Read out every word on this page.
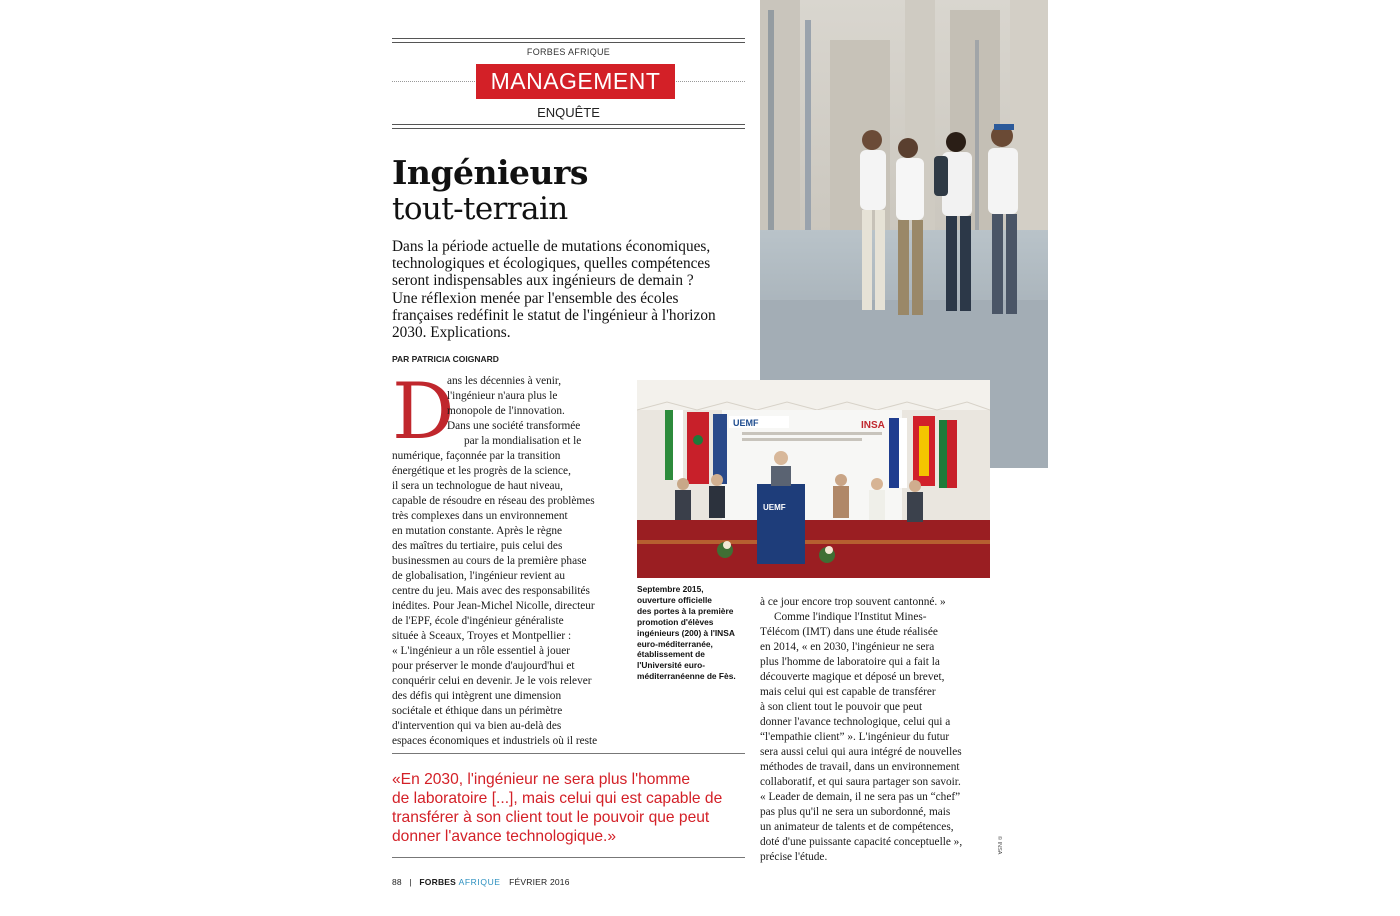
FORBES AFRIQUE
MANAGEMENT
ENQUÊTE
Ingénieurs
tout-terrain
Dans la période actuelle de mutations économiques,
technologiques et écologiques, quelles compétences
seront indispensables aux ingénieurs de demain ?
Une réflexion menée par l'ensemble des écoles
françaises redéfinit le statut de l'ingénieur à l'horizon
2030. Explications.
PAR PATRICIA COIGNARD
D
ans les décennies à venir,
l'ingénieur n'aura plus le
monopole de l'innovation.
Dans une société transformée
par la mondialisation et le
numérique, façonnée par la transition
énergétique et les progrès de la science,
il sera un technologue de haut niveau,
capable de résoudre en réseau des problèmes
très complexes dans un environnement
en mutation constante. Après le règne
des maîtres du tertiaire, puis celui des
businessmen au cours de la première phase
de globalisation, l'ingénieur revient au
centre du jeu. Mais avec des responsabilités
inédites. Pour Jean-Michel Nicolle, directeur
de l'EPF, école d'ingénieur généraliste
située à Sceaux, Troyes et Montpellier :
« L'ingénieur a un rôle essentiel à jouer
pour préserver le monde d'aujourd'hui et
conquérir celui en devenir. Je le vois relever
des défis qui intègrent une dimension
sociétale et éthique dans un périmètre
d'intervention qui va bien au-delà des
espaces économiques et industriels où il reste
à ce jour encore trop souvent cantonné. »
Comme l'indique l'Institut Mines-
Télécom (IMT) dans une étude réalisée
en 2014, « en 2030, l'ingénieur ne sera
plus l'homme de laboratoire qui a fait la
découverte magique et déposé un brevet,
mais celui qui est capable de transférer
à son client tout le pouvoir que peut
donner l'avance technologique, celui qui a
“l'empathie client” ». L'ingénieur du futur
sera aussi celui qui aura intégré de nouvelles
méthodes de travail, dans un environnement
collaboratif, et qui saura partager son savoir.
« Leader de demain, il ne sera pas un “chef”
pas plus qu'il ne sera un subordonné, mais
un animateur de talents et de compétences,
doté d'une puissante capacité conceptuelle »,
précise l'étude.
Septembre 2015,
ouverture officielle
des portes à la première
promotion d'élèves
ingénieurs (200) à l'INSA
euro-méditerranée,
établissement de
l'Université euro-
méditerranéenne de Fès.
«En 2030, l'ingénieur ne sera plus l'homme
de laboratoire [...], mais celui qui est capable de
transférer à son client tout le pouvoir que peut
donner l'avance technologique.»	© INSA
88 | FORBES AFRIQUE FÉVRIER 2016
UEMF	INSA
UEMF
